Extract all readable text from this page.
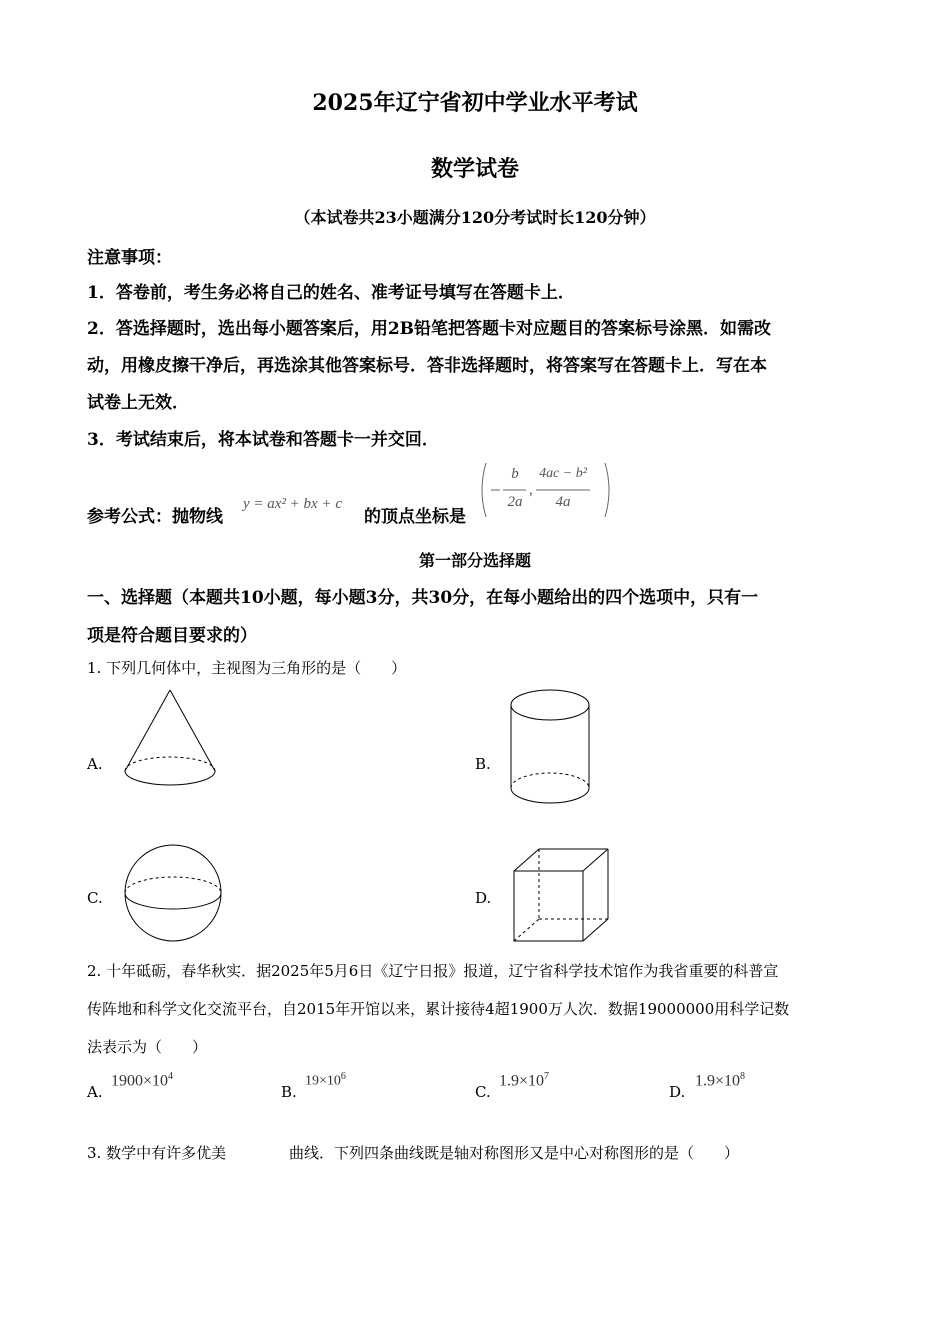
2025年辽宁省初中学业水平考试
数学试卷
（本试卷共23小题满分120分考试时长120分钟）
注意事项：
1．答卷前，考生务必将自己的姓名、准考证号填写在答题卡上．
2．答选择题时，选出每小题答案后，用2B铅笔把答题卡对应题目的答案标号涂黑．如需改
动，用橡皮擦干净后，再选涂其他答案标号．答非选择题时，将答案写在答题卡上．写在本
试卷上无效．
3．考试结束后，将本试卷和答题卡一并交回．
参考公式：抛物线
y = ax² + bx + c
的顶点坐标是
b
2a
,
4ac − b²
4a
第一部分选择题
一、选择题（本题共10小题，每小题3分，共30分，在每小题给出的四个选项中，只有一
项是符合题目要求的）
1. 下列几何体中，主视图为三角形的是（　　）
A.	B.
C.	D.
2. 十年砥砺，春华秋实．据2025年5月6日《辽宁日报》报道，辽宁省科学技术馆作为我省重要的科普宣
传阵地和科学文化交流平台，自2015年开馆以来，累计接待4超1900万人次．数据19000000用科学记数
法表示为（　　）
A.
$1900\times 10^4$
B.
$19\times 10^6$
C.
$1.9\times 10^7$
D.
$1.9\times 10^8$
3. 数学中有许多优美	曲线．下列四条曲线既是轴对称图形又是中心对称图形的是（　　）
